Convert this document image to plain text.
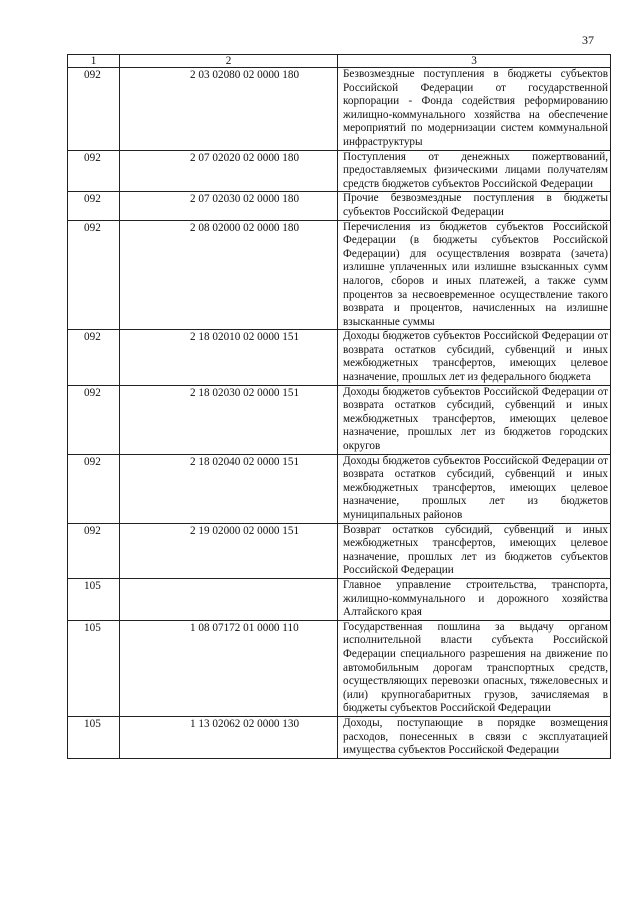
37
1	2	3
092	2 03 02080 02 0000 180	Безвозмездные поступления в бюджеты субъектов Российской Федерации от государственной корпорации - Фонда содействия реформированию жилищно-коммунального хозяйства на обеспечение мероприятий по модернизации систем коммунальной инфраструктуры
092	2 07 02020 02 0000 180	Поступления от денежных пожертвований, предоставляемых физическими лицами получателям средств бюджетов субъектов Российской Федерации
092	2 07 02030 02 0000 180	Прочие безвозмездные поступления в бюджеты субъектов Российской Федерации
092	2 08 02000 02 0000 180	Перечисления из бюджетов субъектов Российской Федерации (в бюджеты субъектов Российской Федерации) для осуществления возврата (зачета) излишне уплаченных или излишне взысканных сумм налогов, сборов и иных платежей, а также сумм процентов за несвоевременное осуществление такого возврата и процентов, начисленных на излишне взысканные суммы
092	2 18 02010 02 0000 151	Доходы бюджетов субъектов Российской Федерации от возврата остатков субсидий, субвенций и иных межбюджетных трансфертов, имеющих целевое назначение, прошлых лет из федерального бюджета
092	2 18 02030 02 0000 151	Доходы бюджетов субъектов Российской Федерации от возврата остатков субсидий, субвенций и иных межбюджетных трансфертов, имеющих целевое назначение, прошлых лет из бюджетов городских округов
092	2 18 02040 02 0000 151	Доходы бюджетов субъектов Российской Федерации от возврата остатков субсидий, субвенций и иных межбюджетных трансфертов, имеющих целевое назначение, прошлых лет из бюджетов муниципальных районов
092	2 19 02000 02 0000 151	Возврат остатков субсидий, субвенций и иных межбюджетных трансфертов, имеющих целевое назначение, прошлых лет из бюджетов субъектов Российской Федерации
105		Главное управление строительства, транспорта, жилищно-коммунального и дорожного хозяйства Алтайского края
105	1 08 07172 01 0000 110	Государственная пошлина за выдачу органом исполнительной власти субъекта Российской Федерации специального разрешения на движение по автомобильным дорогам транспортных средств, осуществляющих перевозки опасных, тяжеловесных и (или) крупногабаритных грузов, зачисляемая в бюджеты субъектов Российской Федерации
105	1 13 02062 02 0000 130	Доходы, поступающие в порядке возмещения расходов, понесенных в связи с эксплуатацией имущества субъектов Российской Федерации
